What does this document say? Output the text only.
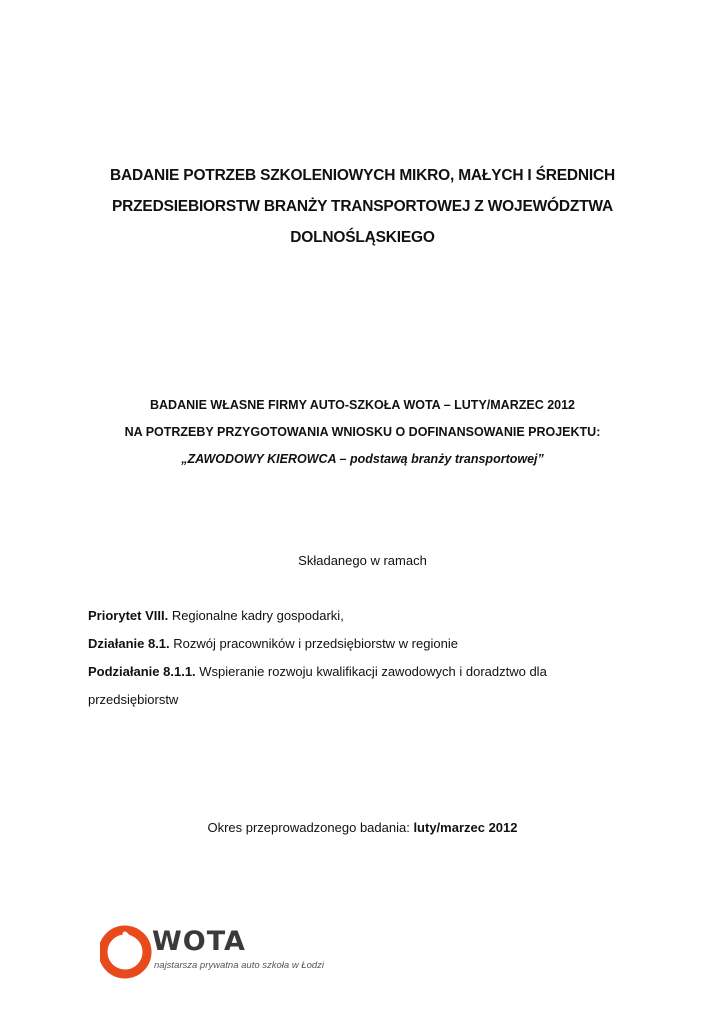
BADANIE POTRZEB SZKOLENIOWYCH MIKRO, MAŁYCH I ŚREDNICH
PRZEDSIEBIORSTW BRANŻY TRANSPORTOWEJ Z WOJEWÓDZTWA
DOLNOŚLĄSKIEGO
BADANIE WŁASNE FIRMY AUTO-SZKOŁA WOTA – LUTY/MARZEC 2012
NA POTRZEBY PRZYGOTOWANIA WNIOSKU O DOFINANSOWANIE PROJEKTU:
„ZAWODOWY KIEROWCA – podstawą branży transportowej”

Składanego w ramach

Priorytet VIII. Regionalne kadry gospodarki,
Działanie 8.1. Rozwój pracowników i przedsiębiorstw w regionie
Podziałanie 8.1.1. Wspieranie rozwoju kwalifikacji zawodowych i doradztwo dla
przedsiębiorstw

Okres przeprowadzonego badania: luty/marzec 2012

WOTA
najstarsza prywatna auto szkoła w Łodzi
